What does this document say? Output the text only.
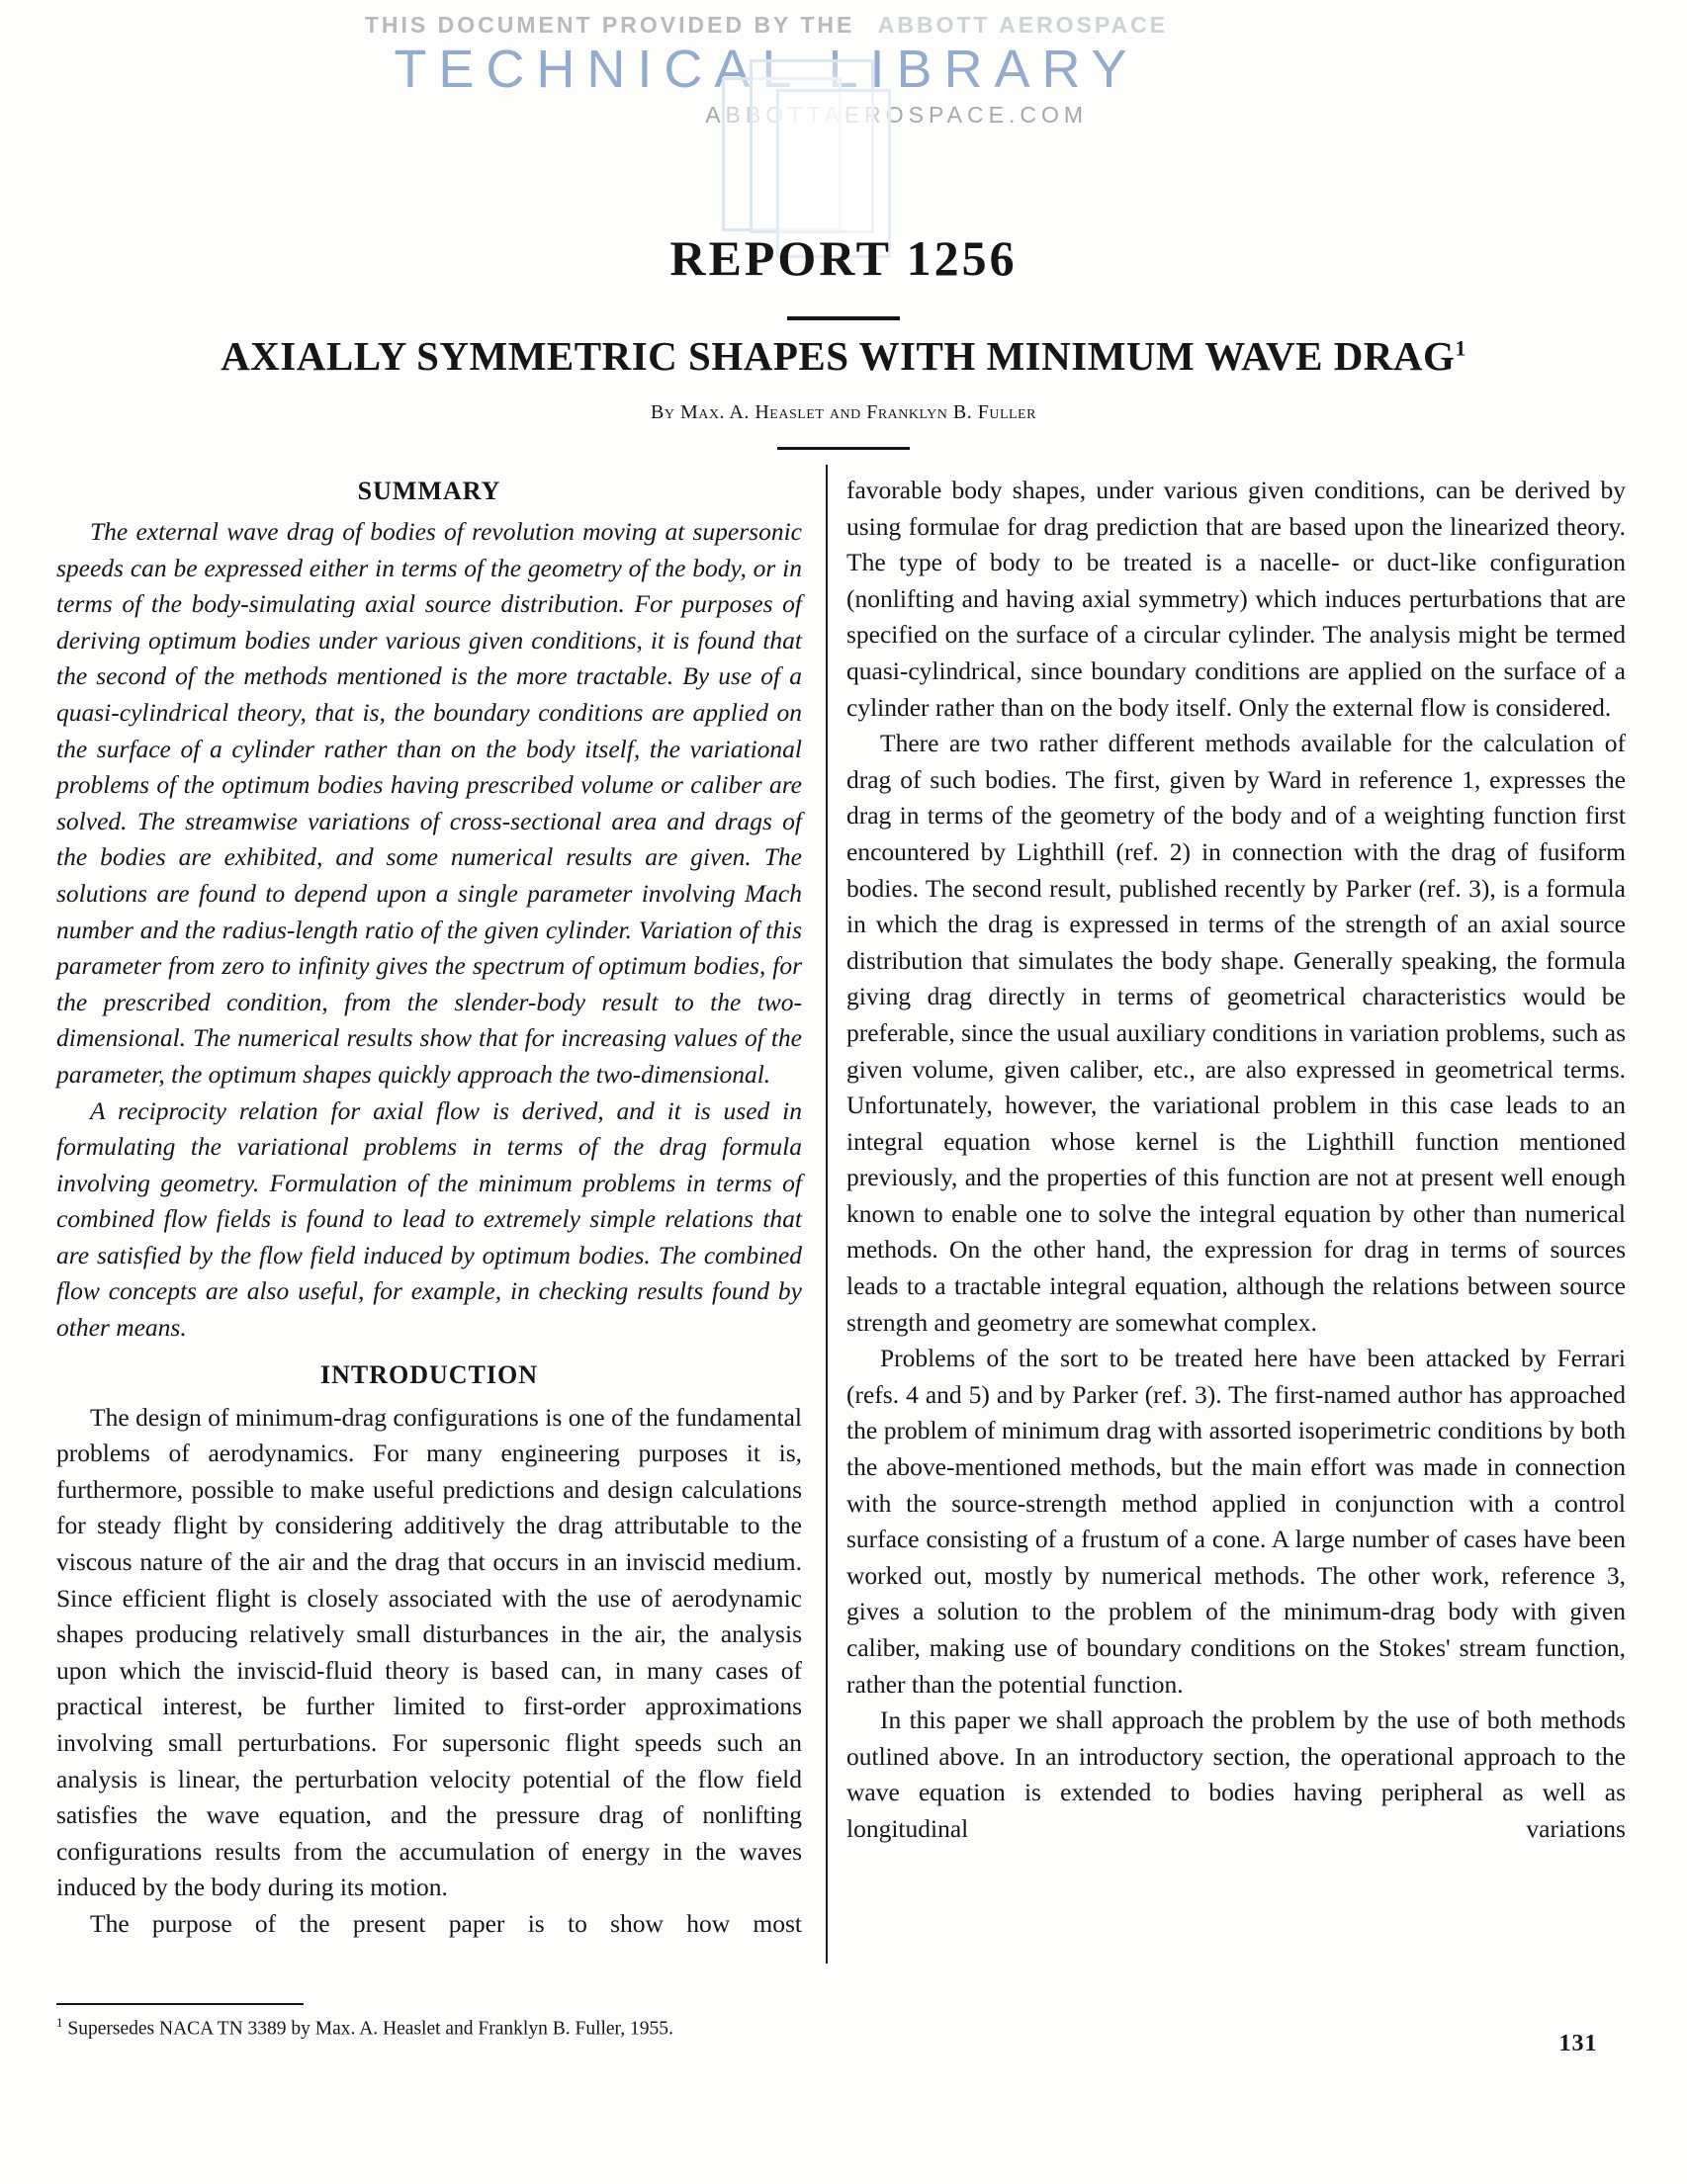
THIS DOCUMENT PROVIDED BY THE ABBOTT AEROSPACE
TECHNICAL LIBRARY
ABBOTTAEROSPACE.COM
REPORT 1256
AXIALLY SYMMETRIC SHAPES WITH MINIMUM WAVE DRAG$^1$
By Max. A. Heaslet and Franklyn B. Fuller
SUMMARY

The external wave drag of bodies of revolution moving at supersonic speeds can be expressed either in terms of the geometry of the body, or in terms of the body-simulating axial source distribution. For purposes of deriving optimum bodies under various given conditions, it is found that the second of the methods mentioned is the more tractable. By use of a quasi-cylindrical theory, that is, the boundary conditions are applied on the surface of a cylinder rather than on the body itself, the variational problems of the optimum bodies having prescribed volume or caliber are solved. The streamwise variations of cross-sectional area and drags of the bodies are exhibited, and some numerical results are given. The solutions are found to depend upon a single parameter involving Mach number and the radius-length ratio of the given cylinder. Variation of this parameter from zero to infinity gives the spectrum of optimum bodies, for the prescribed condition, from the slender-body result to the two-dimensional. The numerical results show that for increasing values of the parameter, the optimum shapes quickly approach the two-dimensional.

A reciprocity relation for axial flow is derived, and it is used in formulating the variational problems in terms of the drag formula involving geometry. Formulation of the minimum problems in terms of combined flow fields is found to lead to extremely simple relations that are satisfied by the flow field induced by optimum bodies. The combined flow concepts are also useful, for example, in checking results found by other means.

INTRODUCTION

The design of minimum-drag configurations is one of the fundamental problems of aerodynamics. For many engineering purposes it is, furthermore, possible to make useful predictions and design calculations for steady flight by considering additively the drag attributable to the viscous nature of the air and the drag that occurs in an inviscid medium. Since efficient flight is closely associated with the use of aerodynamic shapes producing relatively small disturbances in the air, the analysis upon which the inviscid-fluid theory is based can, in many cases of practical interest, be further limited to first-order approximations involving small perturbations. For supersonic flight speeds such an analysis is linear, the perturbation velocity potential of the flow field satisfies the wave equation, and the pressure drag of nonlifting configurations results from the accumulation of energy in the waves induced by the body during its motion.

The purpose of the present paper is to show how most

favorable body shapes, under various given conditions, can be derived by using formulae for drag prediction that are based upon the linearized theory. The type of body to be treated is a nacelle- or duct-like configuration (nonlifting and having axial symmetry) which induces perturbations that are specified on the surface of a circular cylinder. The analysis might be termed quasi-cylindrical, since boundary conditions are applied on the surface of a cylinder rather than on the body itself. Only the external flow is considered.

There are two rather different methods available for the calculation of drag of such bodies. The first, given by Ward in reference 1, expresses the drag in terms of the geometry of the body and of a weighting function first encountered by Lighthill (ref. 2) in connection with the drag of fusiform bodies. The second result, published recently by Parker (ref. 3), is a formula in which the drag is expressed in terms of the strength of an axial source distribution that simulates the body shape. Generally speaking, the formula giving drag directly in terms of geometrical characteristics would be preferable, since the usual auxiliary conditions in variation problems, such as given volume, given caliber, etc., are also expressed in geometrical terms. Unfortunately, however, the variational problem in this case leads to an integral equation whose kernel is the Lighthill function mentioned previously, and the properties of this function are not at present well enough known to enable one to solve the integral equation by other than numerical methods. On the other hand, the expression for drag in terms of sources leads to a tractable integral equation, although the relations between source strength and geometry are somewhat complex.

Problems of the sort to be treated here have been attacked by Ferrari (refs. 4 and 5) and by Parker (ref. 3). The first-named author has approached the problem of minimum drag with assorted isoperimetric conditions by both the above-mentioned methods, but the main effort was made in connection with the source-strength method applied in conjunction with a control surface consisting of a frustum of a cone. A large number of cases have been worked out, mostly by numerical methods. The other work, reference 3, gives a solution to the problem of the minimum-drag body with given caliber, making use of boundary conditions on the Stokes' stream function, rather than the potential function.

In this paper we shall approach the problem by the use of both methods outlined above. In an introductory section, the operational approach to the wave equation is extended to bodies having peripheral as well as longitudinal variations

$^1$ Supersedes NACA TN 3389 by Max. A. Heaslet and Franklyn B. Fuller, 1955.
131
